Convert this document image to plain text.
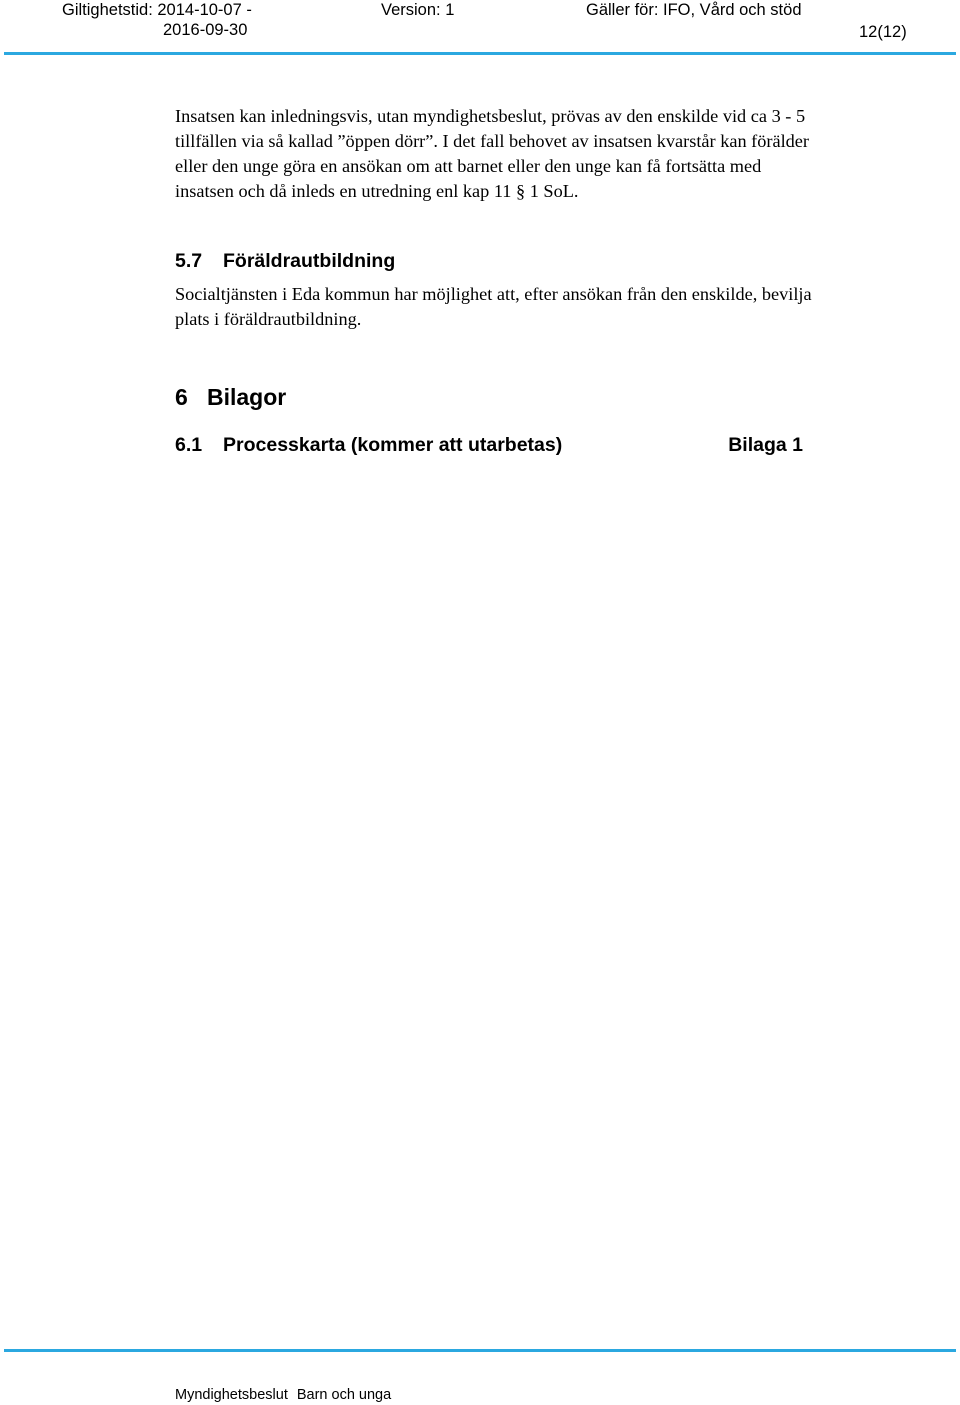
Giltighetstid: 2014-10-07 -	Version: 1	Gäller för: IFO, Vård och stöd
2016-09-30	12(12)

Insatsen kan inledningsvis, utan myndighetsbeslut, prövas av den enskilde vid ca 3 - 5 tillfällen via så kallad ”öppen dörr”. I det fall behovet av insatsen kvarstår kan förälder eller den unge göra en ansökan om att barnet eller den unge kan få fortsätta med insatsen och då inleds en utredning enl kap 11 § 1 SoL.

5.7 Föräldrautbildning

Socialtjänsten i Eda kommun har möjlighet att, efter ansökan från den enskilde, bevilja plats i föräldrautbildning.

6 Bilagor
6.1 Processkarta (kommer att utarbetas)	Bilaga 1
Myndighetsbeslut Barn och unga
